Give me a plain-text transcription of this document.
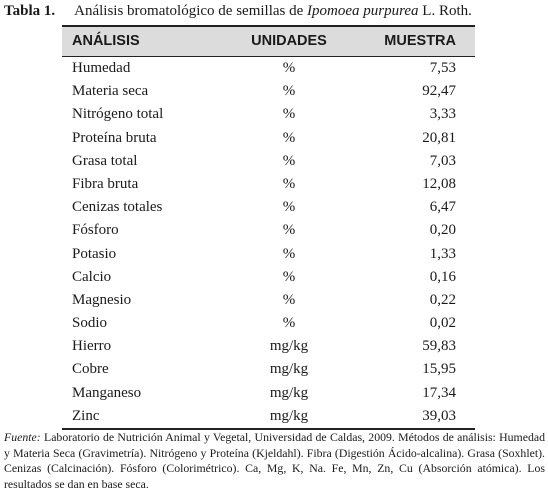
Tabla 1. Análisis bromatológico de semillas de Ipomoea purpurea L. Roth.
ANÁLISIS	UNIDADES	MUESTRA
Humedad	%	7,53
Materia seca	%	92,47
Nitrógeno total	%	3,33
Proteína bruta	%	20,81
Grasa total	%	7,03
Fibra bruta	%	12,08
Cenizas totales	%	6,47
Fósforo	%	0,20
Potasio	%	1,33
Calcio	%	0,16
Magnesio	%	0,22
Sodio	%	0,02
Hierro	mg/kg	59,83
Cobre	mg/kg	15,95
Manganeso	mg/kg	17,34
Zinc	mg/kg	39,03
Fuente: Laboratorio de Nutrición Animal y Vegetal, Universidad de Caldas, 2009. Métodos de análisis: Humedad y Materia Seca (Gravimetría). Nitrógeno y Proteína (Kjeldahl). Fibra (Digestión Ácido-alcalina). Grasa (Soxhlet). Cenizas (Calcinación). Fósforo (Colorimétrico). Ca, Mg, K, Na. Fe, Mn, Zn, Cu (Absorción atómica). Los resultados se dan en base seca.
